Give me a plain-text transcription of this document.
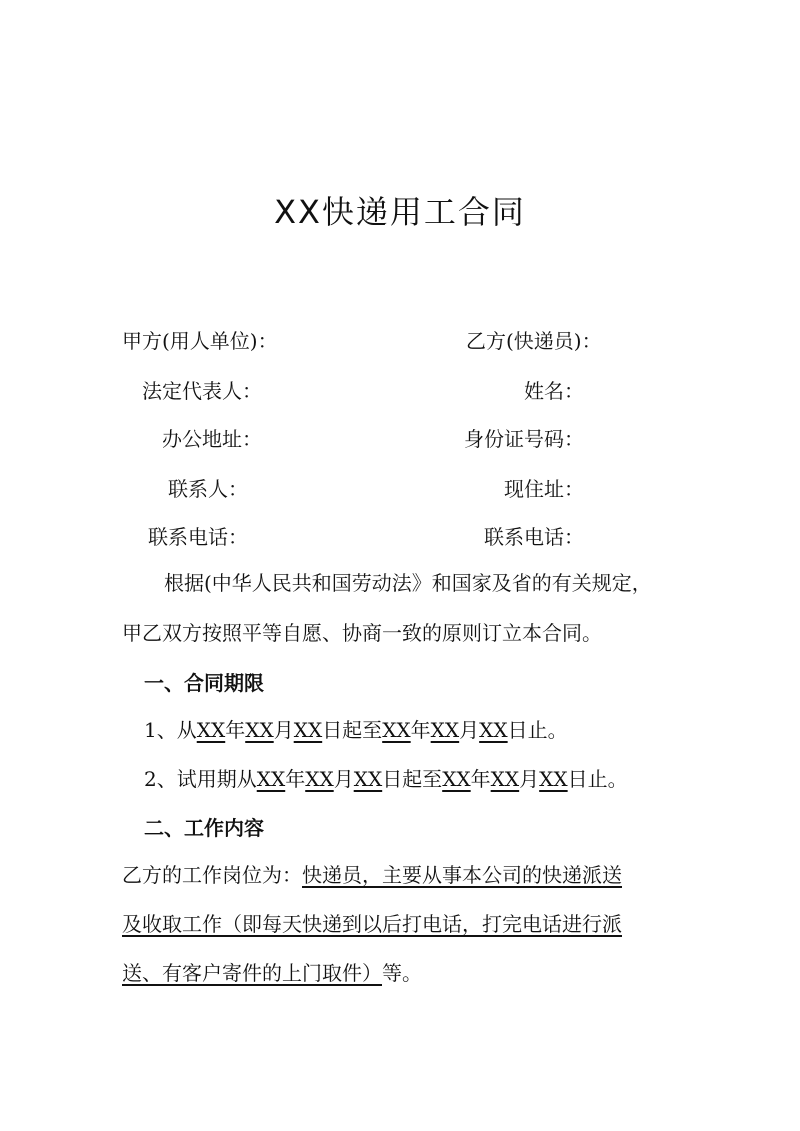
XX快递用工合同
甲方(用人单位)：	乙方(快递员)：
法定代表人：	姓名：
办公地址：	身份证号码：
联系人：	现住址：
联系电话：	联系电话：
根据(中华人民共和国劳动法》和国家及省的有关规定，
甲乙双方按照平等自愿、协商一致的原则订立本合同。
一、合同期限
1、从XX年XX月XX日起至XX年XX月XX日止。
2、试用期从XX年XX月XX日起至XX年XX月XX日止。
二、工作内容
乙方的工作岗位为：快递员，主要从事本公司的快递派送
及收取工作（即每天快递到以后打电话，打完电话进行派
送、有客户寄件的上门取件）等。
